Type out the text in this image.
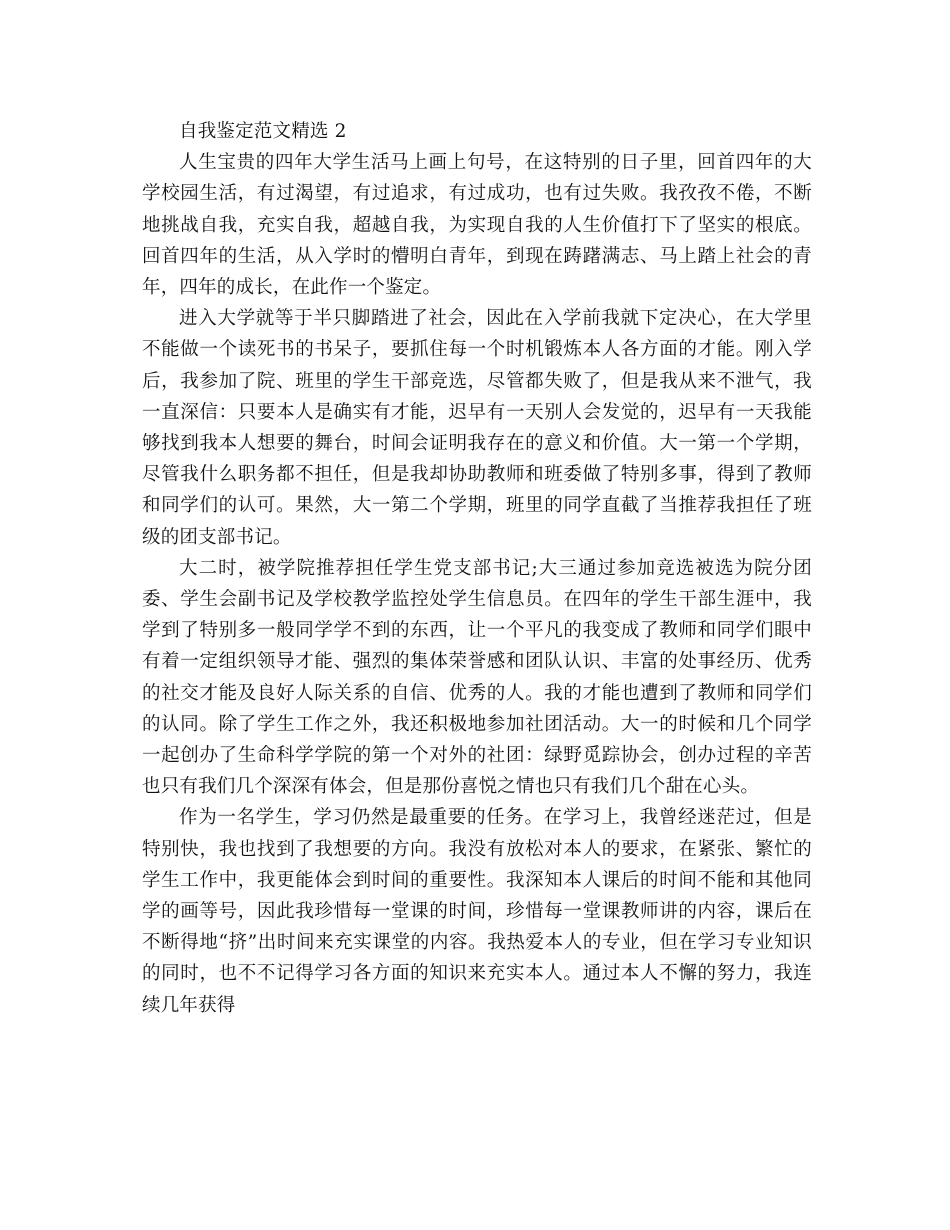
自我鉴定范文精选 2

人生宝贵的四年大学生活马上画上句号，在这特别的日子里，回首四年的大学校园生活，有过渴望，有过追求，有过成功，也有过失败。我孜孜不倦，不断地挑战自我，充实自我，超越自我，为实现自我的人生价值打下了坚实的根底。回首四年的生活，从入学时的懵明白青年，到现在踌躇满志、马上踏上社会的青年，四年的成长，在此作一个鉴定。

进入大学就等于半只脚踏进了社会，因此在入学前我就下定决心，在大学里不能做一个读死书的书呆子，要抓住每一个时机锻炼本人各方面的才能。刚入学后，我参加了院、班里的学生干部竞选，尽管都失败了，但是我从来不泄气，我一直深信：只要本人是确实有才能，迟早有一天别人会发觉的，迟早有一天我能够找到我本人想要的舞台，时间会证明我存在的意义和价值。大一第一个学期，尽管我什么职务都不担任，但是我却协助教师和班委做了特别多事，得到了教师和同学们的认可。果然，大一第二个学期，班里的同学直截了当推荐我担任了班级的团支部书记。

大二时，被学院推荐担任学生党支部书记;大三通过参加竞选被选为院分团委、学生会副书记及学校教学监控处学生信息员。在四年的学生干部生涯中，我学到了特别多一般同学学不到的东西，让一个平凡的我变成了教师和同学们眼中有着一定组织领导才能、强烈的集体荣誉感和团队认识、丰富的处事经历、优秀的社交才能及良好人际关系的自信、优秀的人。我的才能也遭到了教师和同学们的认同。除了学生工作之外，我还积极地参加社团活动。大一的时候和几个同学一起创办了生命科学学院的第一个对外的社团：绿野觅踪协会，创办过程的辛苦也只有我们几个深深有体会，但是那份喜悦之情也只有我们几个甜在心头。

作为一名学生，学习仍然是最重要的任务。在学习上，我曾经迷茫过，但是特别快，我也找到了我想要的方向。我没有放松对本人的要求，在紧张、繁忙的学生工作中，我更能体会到时间的重要性。我深知本人课后的时间不能和其他同学的画等号，因此我珍惜每一堂课的时间，珍惜每一堂课教师讲的内容，课后在不断得地“挤”出时间来充实课堂的内容。我热爱本人的专业，但在学习专业知识的同时，也不不记得学习各方面的知识来充实本人。通过本人不懈的努力，我连续几年获得
